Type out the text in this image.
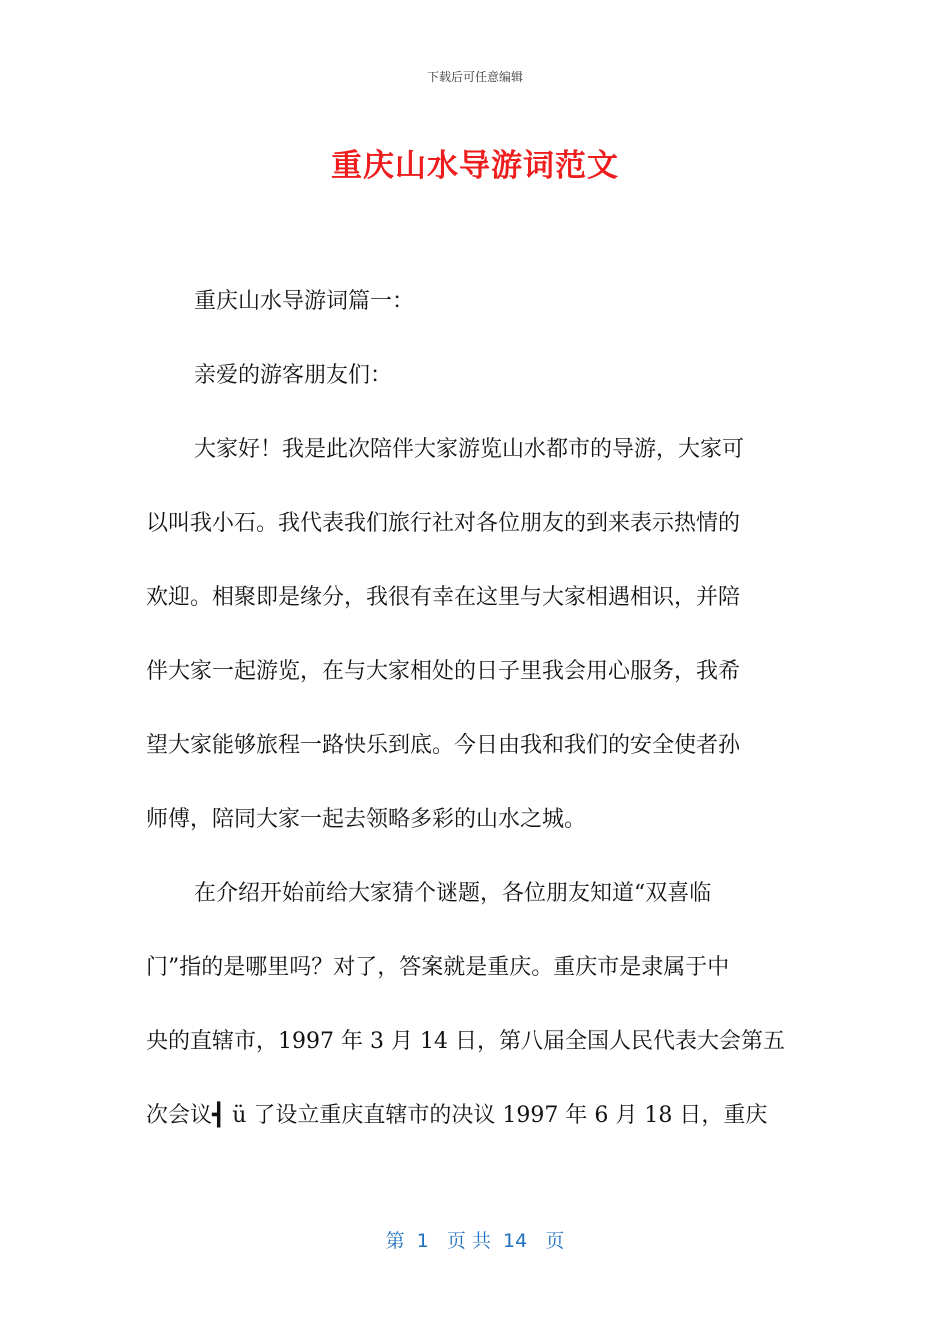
下载后可任意编辑
重庆山水导游词范文
重庆山水导游词篇一：
亲爱的游客朋友们：
大家好！我是此次陪伴大家游览山水都市的导游，大家可
以叫我小石。我代表我们旅行社对各位朋友的到来表示热情的
欢迎。相聚即是缘分，我很有幸在这里与大家相遇相识，并陪
伴大家一起游览，在与大家相处的日子里我会用心服务，我希
望大家能够旅程一路快乐到底。今日由我和我们的安全使者孙
师傅，陪同大家一起去领略多彩的山水之城。
在介绍开始前给大家猜个谜题，各位朋友知道“双喜临
门”指的是哪里吗？对了，答案就是重庆。重庆市是隶属于中
央的直辖市，1997 年 3 月 14 日，第八届全国人民代表大会第五
次会议┫ ü 了设立重庆直辖市的决议 1997 年 6 月 18 日，重庆
第  1   页 共  14   页
